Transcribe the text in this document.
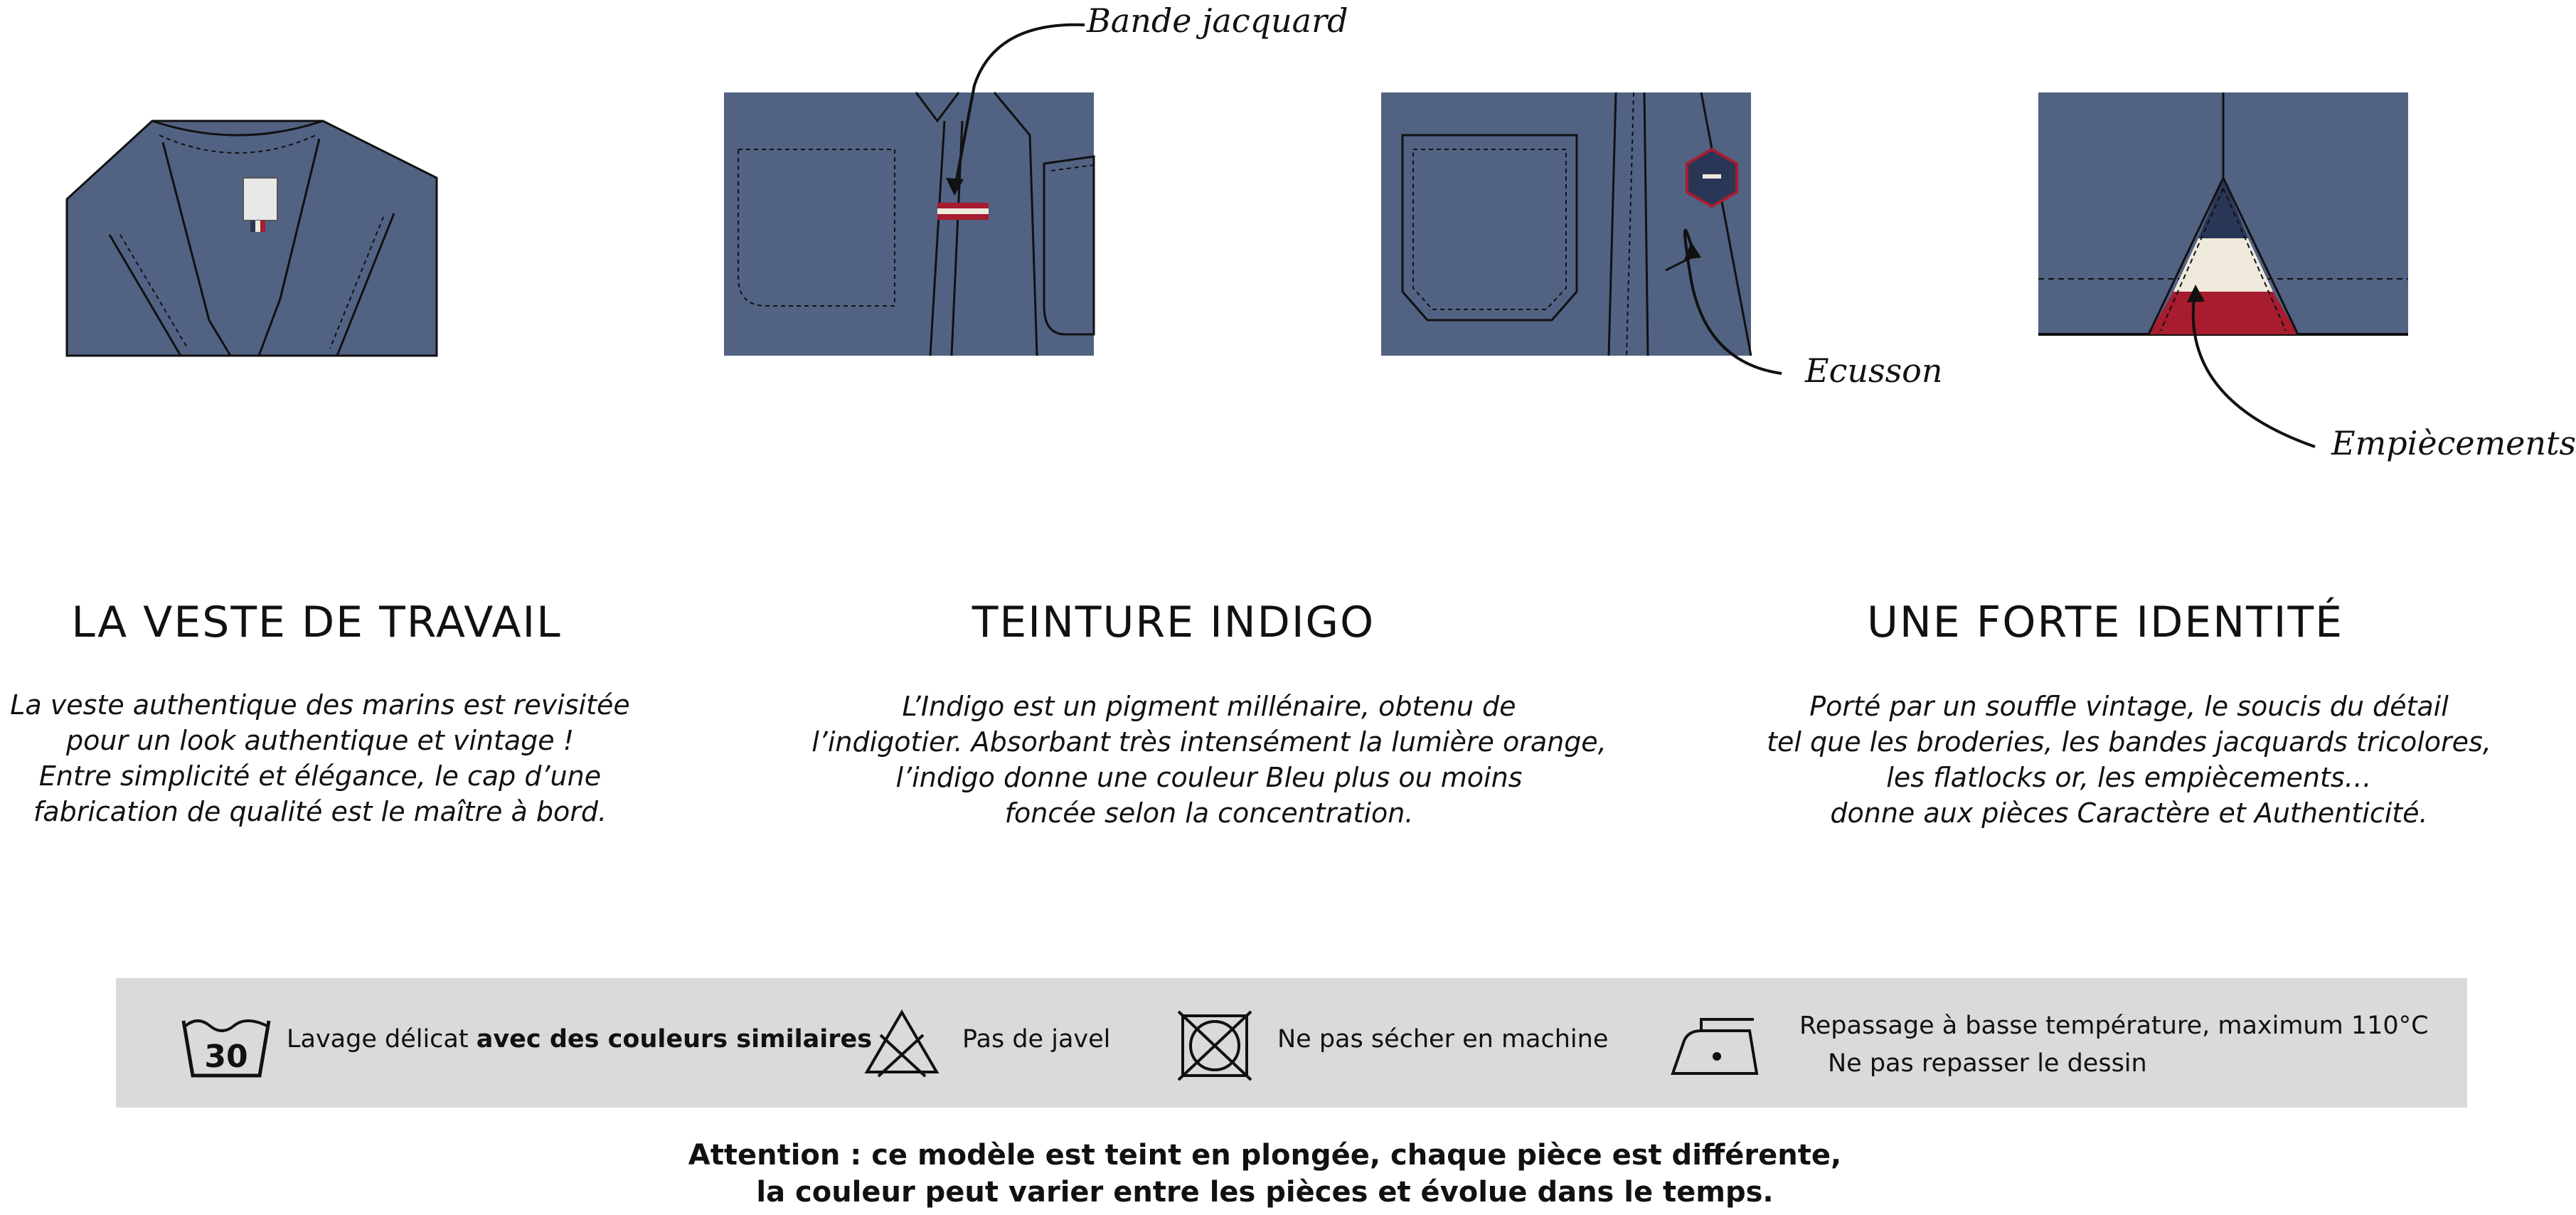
Bande jacquard
Ecusson
Empiècements
LA VESTE DE TRAVAIL
La veste authentique des marins est revisitée
pour un look authentique et vintage !
Entre simplicité et élégance, le cap d’une
fabrication de qualité est le maître à bord.
TEINTURE INDIGO
L’Indigo est un pigment millénaire, obtenu de
l’indigotier. Absorbant très intensément la lumière orange,
l’indigo donne une couleur Bleu plus ou moins
foncée selon la concentration.
UNE FORTE IDENTITÉ
Porté par un souffle vintage, le soucis du détail
tel que les broderies, les bandes jacquards tricolores,
les flatlocks or, les empiècements…
donne aux pièces Caractère et Authenticité.
30 Lavage délicat avec des couleurs similaires	Pas de javel	Ne pas sécher en machine	Repassage à basse température, maximum 110°C
Ne pas repasser le dessin
Attention : ce modèle est teint en plongée, chaque pièce est différente,
la couleur peut varier entre les pièces et évolue dans le temps.
